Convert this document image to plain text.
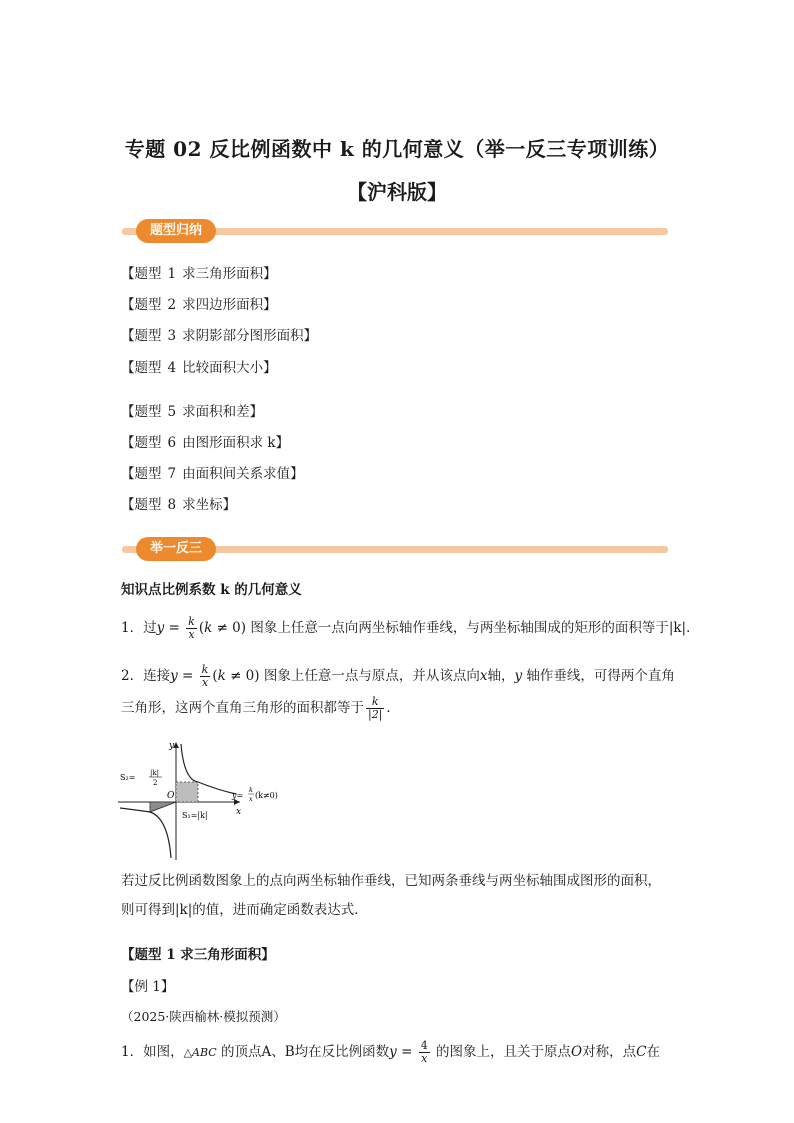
专题 02 反比例函数中 k 的几何意义（举一反三专项训练）
【沪科版】
题型归纳
【题型 1 求三角形面积】
【题型 2 求四边形面积】
【题型 3 求阴影部分图形面积】
【题型 4 比较面积大小】
【题型 5 求面积和差】
【题型 6 由图形面积求 k】
【题型 7 由面积间关系求值】
【题型 8 求坐标】
举一反三
知识点比例系数 k 的几何意义
1．过$y = \frac{k}{x} (k \ne 0)$ 图象上任意一点向两坐标轴作垂线，与两坐标轴围成的矩形的面积等于|k|．
2．连接$y = \frac{k}{x} (k \ne 0)$ 图象上任意一点与原点，并从该点向x轴，y 轴作垂线，可得两个直角
三角形，这两个直角三角形的面积都等于 $\frac{k}{|2|}$ ．
y
x
O
S₂= |k|
2
S₁=|k|
y=
k
x (k≠0)
若过反比例函数图象上的点向两坐标轴作垂线，已知两条垂线与两坐标轴围成图形的面积，
则可得到|k|的值，进而确定函数表达式．
【题型 1 求三角形面积】
【例 1】
（2025·陕西榆林·模拟预测）
1．如图，△ABC 的顶点A、B均在反比例函数$y = \frac{4}{x}$ 的图象上，且关于原点O对称，点C在
